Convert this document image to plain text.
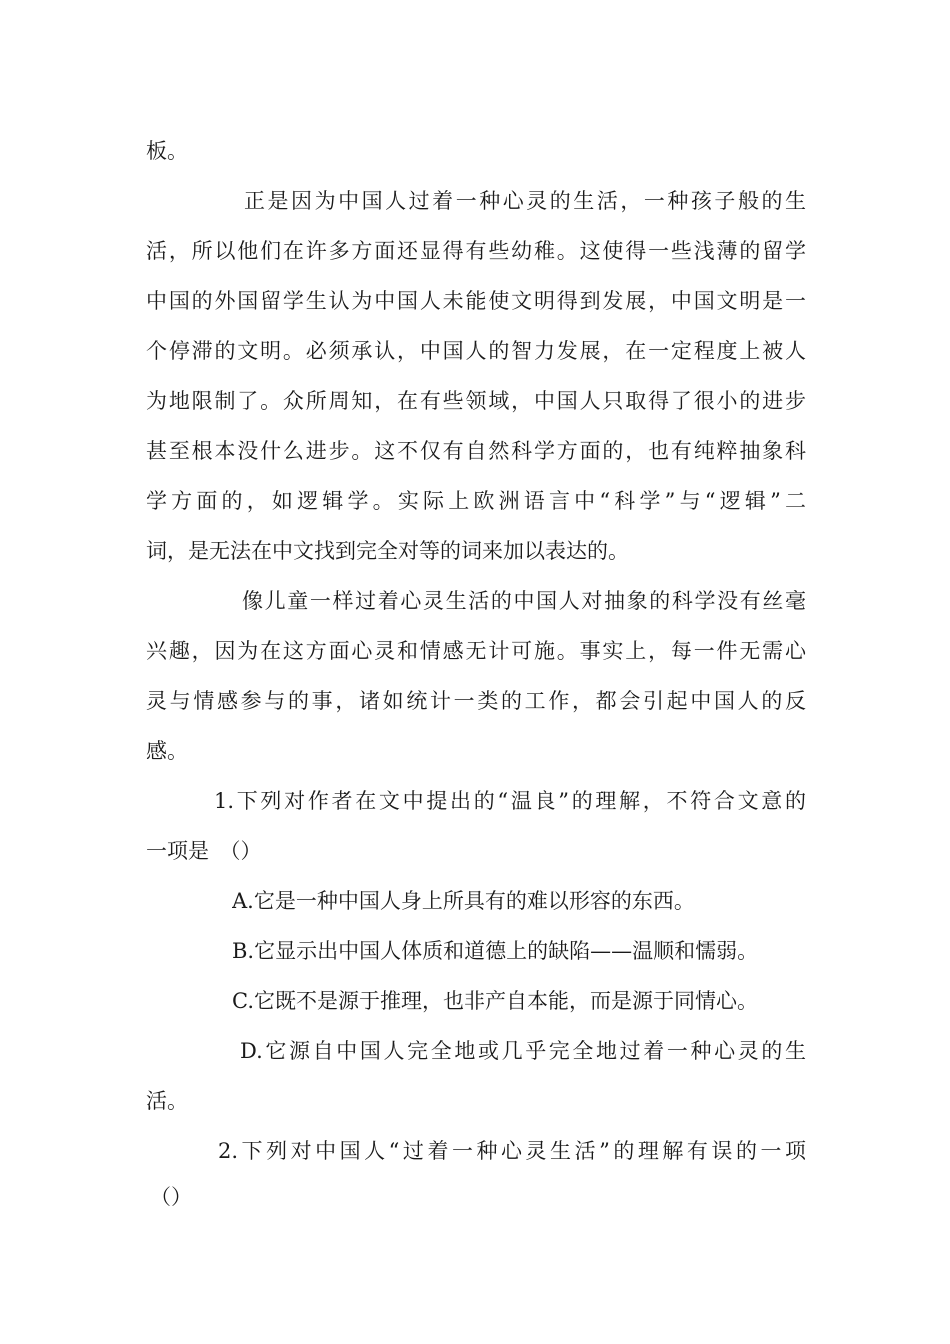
板。
正是因为中国人过着一种心灵的生活，一种孩子般的生
活，所以他们在许多方面还显得有些幼稚。这使得一些浅薄的留学
中国的外国留学生认为中国人未能使文明得到发展，中国文明是一
个停滞的文明。必须承认，中国人的智力发展，在一定程度上被人
为地限制了。众所周知，在有些领域，中国人只取得了很小的进步
甚至根本没什么进步。这不仅有自然科学方面的，也有纯粹抽象科
学方面的，如逻辑学。实际上欧洲语言中“科学”与“逻辑”二
词，是无法在中文找到完全对等的词来加以表达的。
像儿童一样过着心灵生活的中国人对抽象的科学没有丝毫
兴趣，因为在这方面心灵和情感无计可施。事实上，每一件无需心
灵与情感参与的事，诸如统计一类的工作，都会引起中国人的反
感。
1.下列对作者在文中提出的“温良”的理解，不符合文意的
一项是　（）
A.它是一种中国人身上所具有的难以形容的东西。
B.它显示出中国人体质和道德上的缺陷——温顺和懦弱。
C.它既不是源于推理，也非产自本能，而是源于同情心。
D.它源自中国人完全地或几乎完全地过着一种心灵的生
活。
2.下列对中国人“过着一种心灵生活”的理解有误的一项
（）
